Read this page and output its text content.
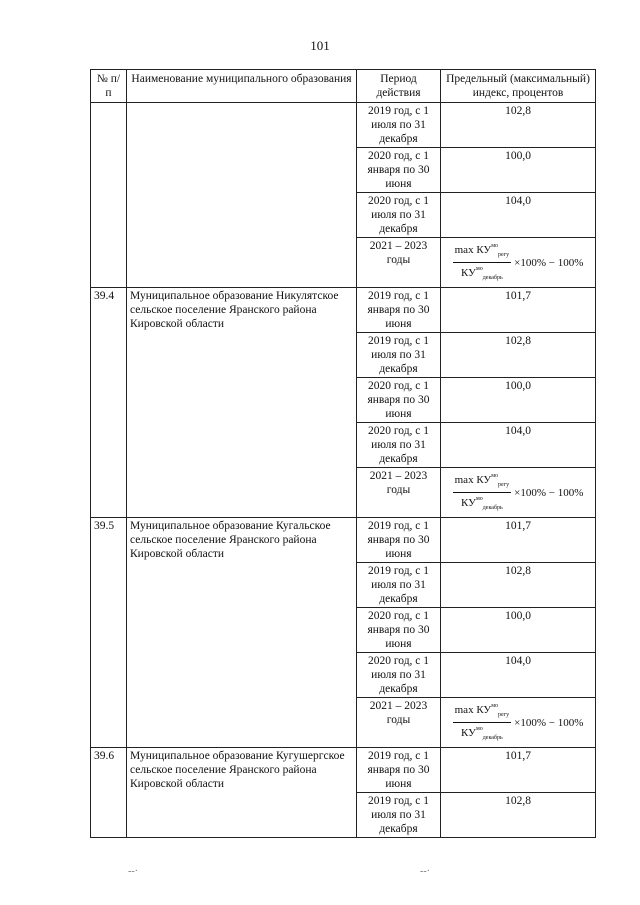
101
№ п/п	Наименование муниципального образования	Период действия	Предельный (максимальный) индекс, процентов
		2019 год, с 1 июля по 31 декабря	102,8
		2020 год, с 1 января по 30 июня	100,0
		2020 год, с 1 июля по 31 декабря	104,0
		2021 – 2023 годы	$\frac{\max КУ^{мо}_{регу}}{КУ^{мо}_{декабрь}} \times 100\% - 100\%$

39.4	Муниципальное образование Никулятское сельское поселение Яранского района Кировской области	2019 год, с 1 января по 30 июня	101,7
		2019 год, с 1 июля по 31 декабря	102,8
		2020 год, с 1 января по 30 июня	100,0
		2020 год, с 1 июля по 31 декабря	104,0
		2021 – 2023 годы	$\frac{\max КУ^{мо}_{регу}}{КУ^{мо}_{декабрь}} \times 100\% - 100\%$

39.5	Муниципальное образование Кугальское сельское поселение Яранского района Кировской области	2019 год, с 1 января по 30 июня	101,7
		2019 год, с 1 июля по 31 декабря	102,8
		2020 год, с 1 января по 30 июня	100,0
		2020 год, с 1 июля по 31 декабря	104,0
		2021 – 2023 годы	$\frac{\max КУ^{мо}_{регу}}{КУ^{мо}_{декабрь}} \times 100\% - 100\%$

39.6	Муниципальное образование Кугушергское сельское поселение Яранского района Кировской области	2019 год, с 1 января по 30 июня	101,7
		2019 год, с 1 июля по 31 декабря	102,8
--·	--·
